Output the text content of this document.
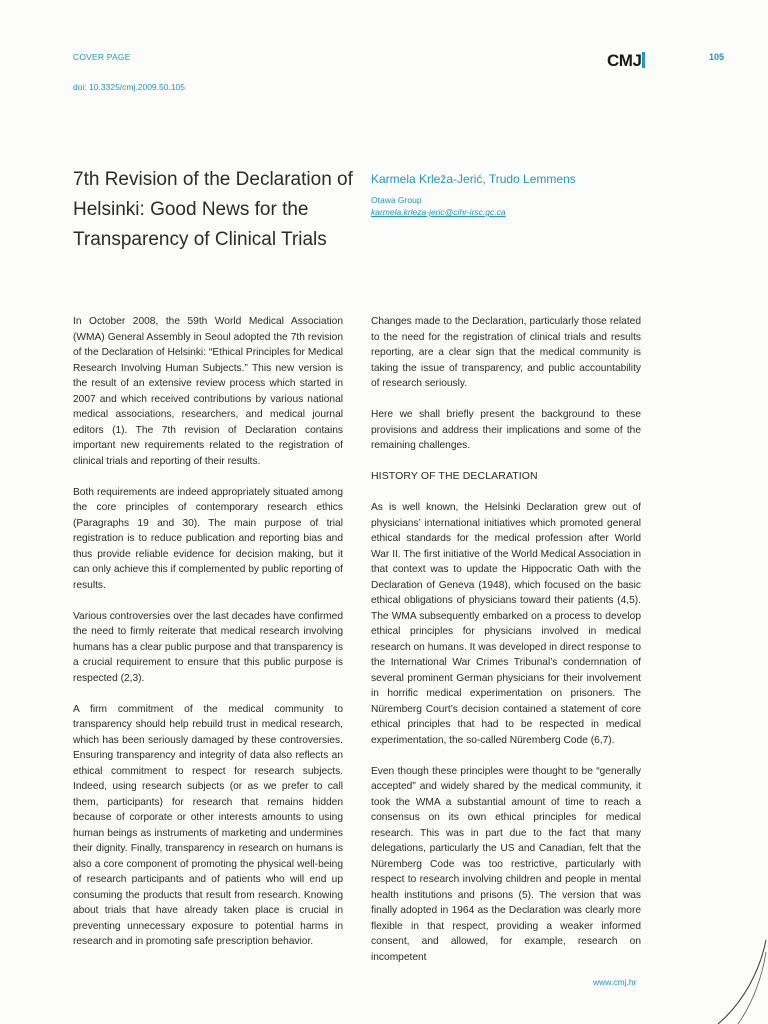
COVER PAGE
doi: 10.3325/cmj.2009.50.105
CMJ	105
7th Revision of the Declaration of Helsinki: Good News for the Transparency of Clinical Trials
Karmela Krleža-Jerić, Trudo Lemmens
Otawa Group
karmela.krleza-jeric@cihr-irsc.gc.ca

In October 2008, the 59th World Medical Association (WMA) General Assembly in Seoul adopted the 7th revision of the Declaration of Helsinki: “Ethical Principles for Medical Research Involving Human Subjects.” This new version is the result of an extensive review process which started in 2007 and which received contributions by various national medical associations, researchers, and medical journal editors (1). The 7th revision of Declaration contains important new requirements related to the registration of clinical trials and reporting of their results.

Both requirements are indeed appropriately situated among the core principles of contemporary research ethics (Paragraphs 19 and 30). The main purpose of trial registration is to reduce publication and reporting bias and thus provide reliable evidence for decision making, but it can only achieve this if complemented by public reporting of results.

Various controversies over the last decades have confirmed the need to firmly reiterate that medical research involving humans has a clear public purpose and that transparency is a crucial requirement to ensure that this public purpose is respected (2,3).

A firm commitment of the medical community to transparency should help rebuild trust in medical research, which has been seriously damaged by these controversies. Ensuring transparency and integrity of data also reflects an ethical commitment to respect for research subjects. Indeed, using research subjects (or as we prefer to call them, participants) for research that remains hidden because of corporate or other interests amounts to using human beings as instruments of marketing and undermines their dignity. Finally, transparency in research on humans is also a core component of promoting the physical well-being of research participants and of patients who will end up consuming the products that result from research. Knowing about trials that have already taken place is crucial in preventing unnecessary exposure to potential harms in research and in promoting safe prescription behavior.

Changes made to the Declaration, particularly those related to the need for the registration of clinical trials and results reporting, are a clear sign that the medical community is taking the issue of transparency, and public accountability of research seriously.

Here we shall briefly present the background to these provisions and address their implications and some of the remaining challenges.

HISTORY OF THE DECLARATION

As is well known, the Helsinki Declaration grew out of physicians’ international initiatives which promoted general ethical standards for the medical profession after World War II. The first initiative of the World Medical Association in that context was to update the Hippocratic Oath with the Declaration of Geneva (1948), which focused on the basic ethical obligations of physicians toward their patients (4,5). The WMA subsequently embarked on a process to develop ethical principles for physicians involved in medical research on humans. It was developed in direct response to the International War Crimes Tribunal’s condemnation of several prominent German physicians for their involvement in horrific medical experimentation on prisoners. The Nüremberg Court’s decision contained a statement of core ethical principles that had to be respected in medical experimentation, the so-called Nüremberg Code (6,7).

Even though these principles were thought to be “generally accepted” and widely shared by the medical community, it took the WMA a substantial amount of time to reach a consensus on its own ethical principles for medical research. This was in part due to the fact that many delegations, particularly the US and Canadian, felt that the Nüremberg Code was too restrictive, particularly with respect to research involving children and people in mental health institutions and prisons (5). The version that was finally adopted in 1964 as the Declaration was clearly more flexible in that respect, providing a weaker informed consent, and allowed, for example, research on incompetent

www.cmj.hr
